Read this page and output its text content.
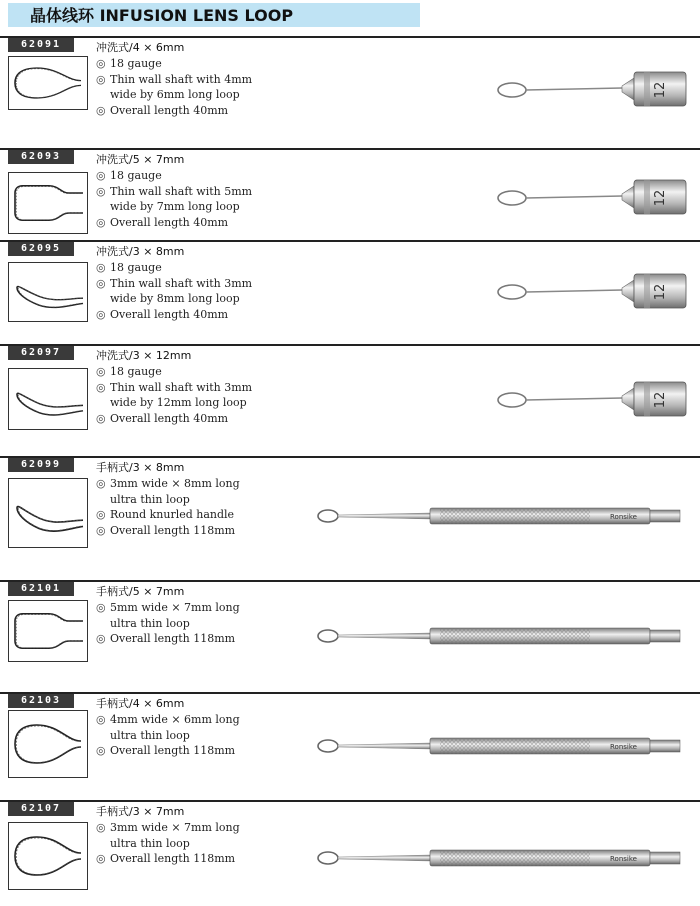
晶体线环 INFUSION LENS LOOP
62091	冲洗式/4 × 6mm
◎ 18 gauge
◎ Thin wall shaft with 4mm
wide by 6mm long loop
◎ Overall length 40mm
12
62093	冲洗式/5 × 7mm
◎ 18 gauge
◎ Thin wall shaft with 5mm
wide by 7mm long loop
◎ Overall length 40mm
12
62095	冲洗式/3 × 8mm
◎ 18 gauge
◎ Thin wall shaft with 3mm
wide by 8mm long loop
◎ Overall length 40mm
12
62097	冲洗式/3 × 12mm
◎ 18 gauge
◎ Thin wall shaft with 3mm
wide by 12mm long loop
◎ Overall length 40mm
12
62099	手柄式/3 × 8mm
◎ 3mm wide × 8mm long
ultra thin loop
◎ Round knurled handle
◎ Overall length 118mm
Ronsike
62101	手柄式/5 × 7mm
◎ 5mm wide × 7mm long
ultra thin loop
◎ Overall length 118mm
62103	手柄式/4 × 6mm
◎ 4mm wide × 6mm long
ultra thin loop
◎ Overall length 118mm	Ronsike
62107	手柄式/3 × 7mm
◎ 3mm wide × 7mm long
ultra thin loop
◎ Overall length 118mm	Ronsike
